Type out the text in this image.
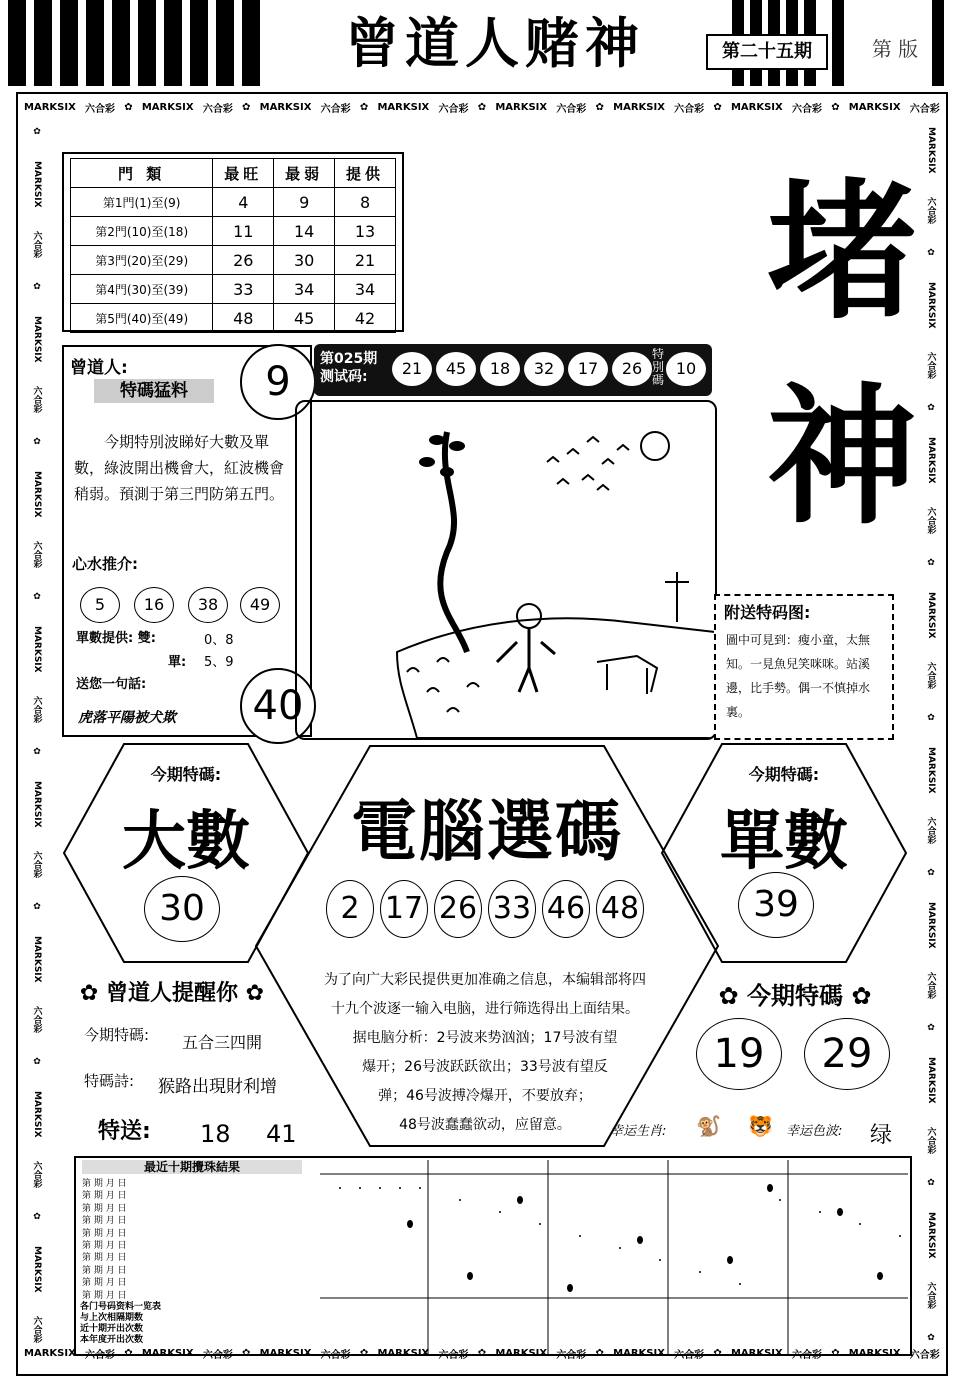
曾道人赌神	第二十五期	第 版
MARKSIX 六合彩 ✿ MARKSIX 六合彩 ✿ MARKSIX 六合彩 ✿ MARKSIX 六合彩 ✿ MARKSIX 六合彩 ✿ MARKSIX 六合彩 ✿ MARKSIX 六合彩 ✿ MARKSIX 六合彩
MARKSIX 六合彩 ✿ MARKSIX 六合彩 ✿ MARKSIX 六合彩 ✿ MARKSIX 六合彩 ✿ MARKSIX 六合彩 ✿ MARKSIX 六合彩 ✿ MARKSIX 六合彩 ✿ MARKSIX 六合彩
✿
MARKSIX
六合彩
✿
MARKSIX
六合彩
✿
MARKSIX
六合彩
✿
MARKSIX
六合彩
✿
MARKSIX
六合彩
✿
MARKSIX
六合彩
✿
MARKSIX
六合彩
✿
MARKSIX
六合彩
MARKSIX
六合彩
✿
MARKSIX
六合彩
✿
MARKSIX
六合彩
✿
MARKSIX
六合彩
✿
MARKSIX
六合彩
✿
MARKSIX
六合彩
✿
MARKSIX
六合彩
✿
MARKSIX
六合彩
✿
門 類	最旺	最弱	提供
第1門(1)至(9)	4	9	8
第2門(10)至(18)	11	14	13
第3門(20)至(29)	26	30	21
第4門(30)至(39)	33	34	34
第5門(40)至(49)	48	45	42	堵
神
曾道人:
特碼猛料
今期特別波睇好大數及單數，綠波開出機會大，紅波機會稍弱。預測于第三門防第五門。
心水推介:
5	16	38	49
單數提供: 雙:	0、8
單: 5、9
送您一句話:
虎落平陽被犬欺
9
40
第025期
测试码:	21	45	18	32	17	26
特別碼
10
附送特码图:
圖中可見到：瘦小童，太無知。一見魚兒笑咪咪。站溪邊，比手勢。偶一不慎掉水裏。
今期特碼:
大數
30
今期特碼:
單數
39
電腦選碼
2 17 26 33 46 48
为了向广大彩民提供更加准确之信息，本编辑部将四
十九个波逐一输入电脑，进行筛选得出上面结果。
据电脑分析：2号波来势汹汹；17号波有望
爆开；26号波跃跃欲出；33号波有望反
弹；46号波搏冷爆开，不要放弃；
48号波蠢蠢欲动，应留意。
✿ 曾道人提醒你 ✿
今期特碼: 五合三四開
特碼詩: 猴路出現財利增
特送: 18 41
✿ 今期特碼 ✿
19	29
幸运生肖: 🐒 🐯 幸运色波: 绿
最近十期攪珠結果
第 期 月 日
第 期 月 日
第 期 月 日
第 期 月 日
第 期 月 日
第 期 月 日
第 期 月 日
第 期 月 日
第 期 月 日
第 期 月 日
各门号码资料一览表
与上次相隔期数
近十期开出次数
本年度开出次数
